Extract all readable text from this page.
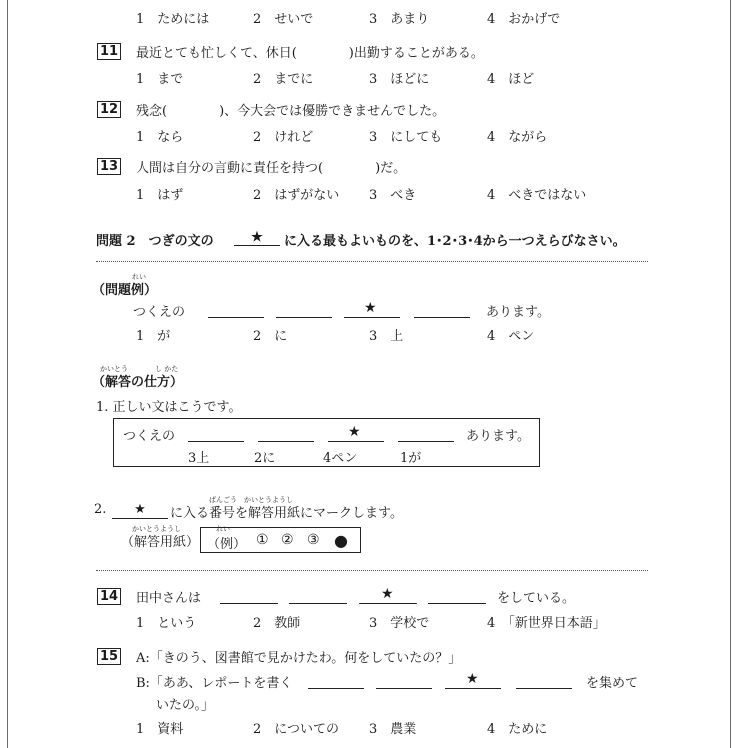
1　ためには	2　せいで	3　あまり	4　おかげで
11 最近とても忙しくて、休日(　　　　)出勤することがある。
1　まで	2　までに	3　ほどに	4　ほど
12 残念(　　　　)、今大会では優勝できませんでした。
1　なら	2　けれど	3　にしても	4　ながら
13 人間は自分の言動に責任を持つ(　　　　)だ。
1　はず	2　はずがない 3　べき	4　べきではない
問題 2　つぎの文の	★	に入る最もよいものを、1･2･3･4から一つえらびなさい。
れい
（問題例）
つくえの	★	あります。
1　が	2　に	3　上	4　ペン
かいとう	し かた
（解答の仕方）
1. 正しい文はこうです。
つくえの	★	あります。
3上	2に	4ペン	1が
2.	★
ばんごう かいとうようし
に入る番号を解答用紙にマークします。
かいとうようし
（解答用紙）
れい
（例） ① ② ③ ●
14 田中さんは	★	をしている。
1　という	2　教師	3　学校で	4　「新世界日本語」
15 A:「きのう、図書館で見かけたわ。何をしていたの？」
B:「ああ、レポートを書く	★	を集めて
いたの。」
1　資料	2　についての 3　農業	4　ために
